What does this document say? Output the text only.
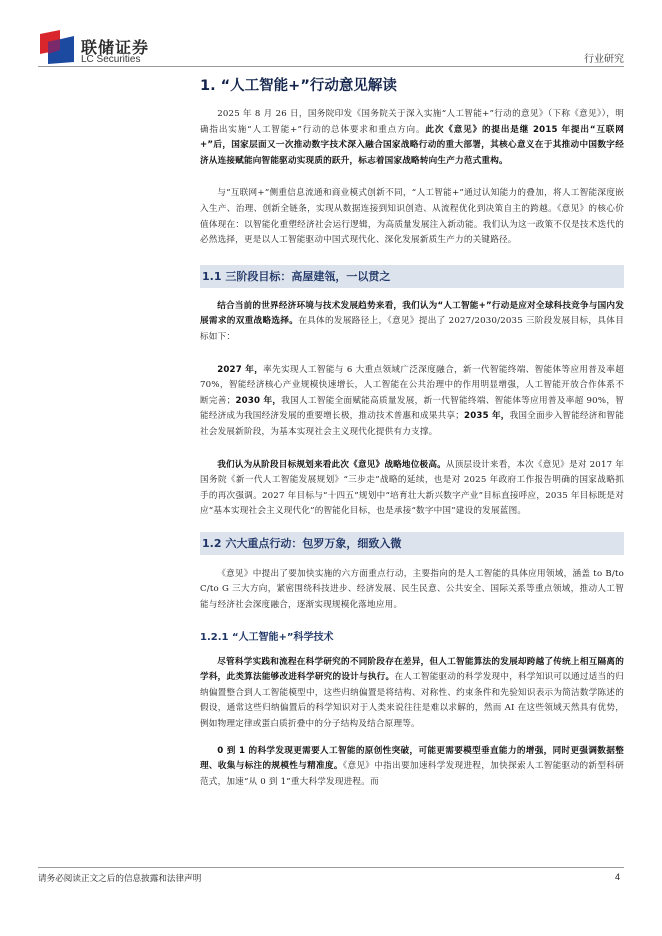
联储证券
LC Securities	行业研究
1. “人工智能+”行动意见解读

2025 年 8 月 26 日，国务院印发《国务院关于深入实施“人工智能+”行动的意见》（下称《意见》），明确指出实施“人工智能+”行动的总体要求和重点方向。此次《意见》的提出是继 2015 年提出“互联网+”后，国家层面又一次推动数字技术深入融合国家战略行动的重大部署，其核心意义在于其推动中国数字经济从连接赋能向智能驱动实现质的跃升，标志着国家战略转向生产力范式重构。

与“互联网+”侧重信息流通和商业模式创新不同，“人工智能+”通过认知能力的叠加，将人工智能深度嵌入生产、治理、创新全链条，实现从数据连接到知识创造、从流程优化到决策自主的跨越。《意见》的核心价值体现在：以智能化重塑经济社会运行逻辑，为高质量发展注入新动能。我们认为这一政策不仅是技术迭代的必然选择，更是以人工智能驱动中国式现代化、深化发展新质生产力的关键路径。

1.1 三阶段目标：高屋建瓴，一以贯之

结合当前的世界经济环境与技术发展趋势来看，我们认为“人工智能+”行动是应对全球科技竞争与国内发展需求的双重战略选择。在具体的发展路径上，《意见》提出了 2027/2030/2035 三阶段发展目标，具体目标如下：

2027 年，率先实现人工智能与 6 大重点领域广泛深度融合，新一代智能终端、智能体等应用普及率超 70%，智能经济核心产业规模快速增长，人工智能在公共治理中的作用明显增强，人工智能开放合作体系不断完善；2030 年，我国人工智能全面赋能高质量发展，新一代智能终端、智能体等应用普及率超 90%，智能经济成为我国经济发展的重要增长极，推动技术普惠和成果共享；2035 年，我国全面步入智能经济和智能社会发展新阶段，为基本实现社会主义现代化提供有力支撑。

我们认为从阶段目标规划来看此次《意见》战略地位极高。从顶层设计来看，本次《意见》是对 2017 年国务院《新一代人工智能发展规划》“三步走”战略的延续，也是对 2025 年政府工作报告明确的国家战略抓手的再次强调。2027 年目标与“十四五”规划中“培育壮大新兴数字产业”目标直接呼应，2035 年目标既是对应“基本实现社会主义现代化”的智能化目标，也是承接“数字中国”建设的发展蓝图。

1.2 六大重点行动：包罗万象，细致入微

《意见》中提出了要加快实施的六方面重点行动，主要指向的是人工智能的具体应用领域，涵盖 to B/to C/to G 三大方向，紧密围绕科技进步、经济发展、民生民意、公共安全、国际关系等重点领域，推动人工智能与经济社会深度融合，逐渐实现规模化落地应用。

1.2.1 “人工智能+”科学技术

尽管科学实践和流程在科学研究的不同阶段存在差异，但人工智能算法的发展却跨越了传统上相互隔离的学科，此类算法能够改进科学研究的设计与执行。在人工智能驱动的科学发现中，科学知识可以通过适当的归纳偏置整合到人工智能模型中，这些归纳偏置是将结构、对称性、约束条件和先验知识表示为简洁数学陈述的假设，通常这些归纳偏置后的科学知识对于人类来说往往是难以求解的，然而 AI 在这些领域天然具有优势，例如物理定律或蛋白质折叠中的分子结构及结合原理等。

0 到 1 的科学发现更需要人工智能的原创性突破，可能更需要模型垂直能力的增强，同时更强调数据整理、收集与标注的规模性与精准度。《意见》中指出要加速科学发现进程，加快探索人工智能驱动的新型科研范式，加速“从 0 到 1”重大科学发现进程。而

请务必阅读正文之后的信息披露和法律声明	4
